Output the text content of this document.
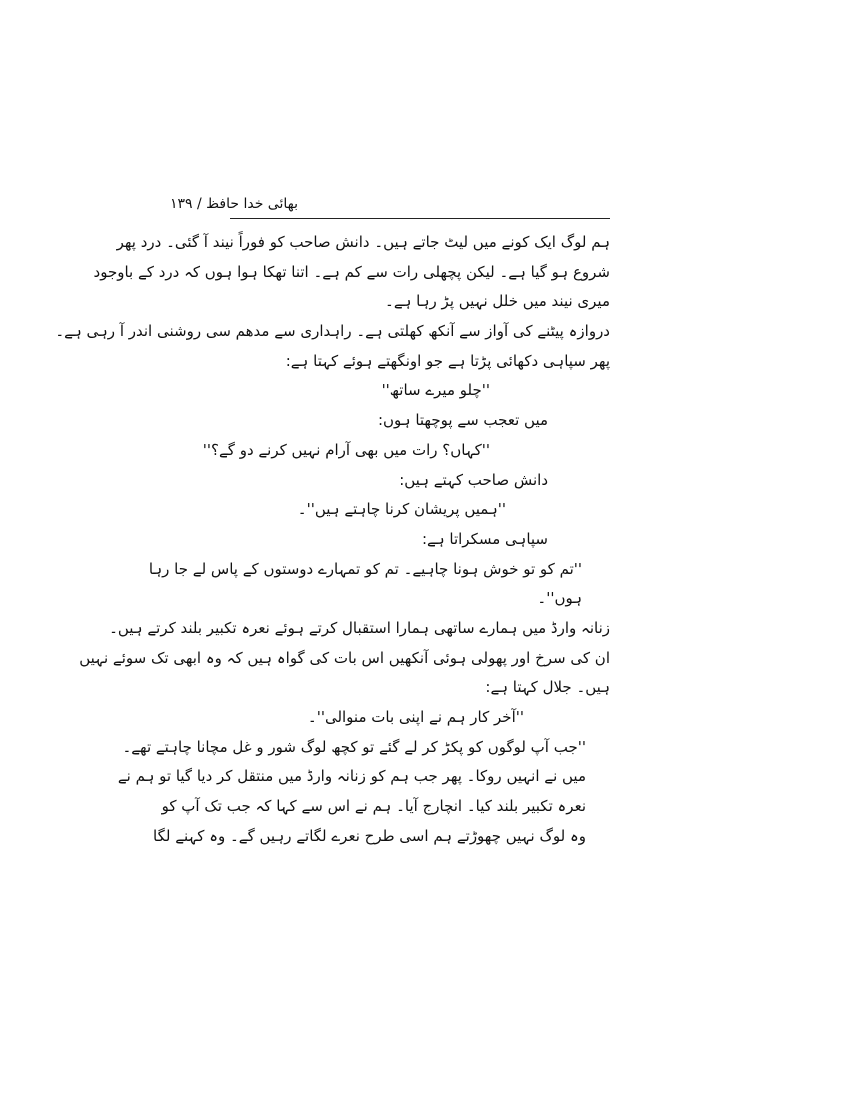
بھائی خدا حافظ / ۱۳۹
ہم لوگ ایک کونے میں لیٹ جاتے ہیں۔ دانش صاحب کو فوراً نیند آ گئی۔ درد پھر
شروع ہو گیا ہے۔ لیکن پچھلی رات سے کم ہے۔ اتنا تھکا ہوا ہوں کہ درد کے باوجود
میری نیند میں خلل نہیں پڑ رہا ہے۔
دروازہ پیٹنے کی آواز سے آنکھ کھلتی ہے۔ راہداری سے مدھم سی روشنی اندر آ رہی ہے۔
پھر سپاہی دکھائی پڑتا ہے جو اونگھتے ہوئے کہتا ہے:
''چلو میرے ساتھ''
میں تعجب سے پوچھتا ہوں:
''کہاں؟ رات میں بھی آرام نہیں کرنے دو گے؟''
دانش صاحب کہتے ہیں:
''ہمیں پریشان کرنا چاہتے ہیں''۔
سپاہی مسکراتا ہے:
''تم کو تو خوش ہونا چاہیے۔ تم کو تمہارے دوستوں کے پاس لے جا رہا
ہوں''۔
زنانہ وارڈ میں ہمارے ساتھی ہمارا استقبال کرتے ہوئے نعرہ تکبیر بلند کرتے ہیں۔
ان کی سرخ اور پھولی ہوئی آنکھیں اس بات کی گواہ ہیں کہ وہ ابھی تک سوئے نہیں
ہیں۔ جلال کہتا ہے:
''آخر کار ہم نے اپنی بات منوالی''۔
''جب آپ لوگوں کو پکڑ کر لے گئے تو کچھ لوگ شور و غل مچانا چاہتے تھے۔
میں نے انہیں روکا۔ پھر جب ہم کو زنانہ وارڈ میں منتقل کر دیا گیا تو ہم نے
نعرہ تکبیر بلند کیا۔ انچارج آیا۔ ہم نے اس سے کہا کہ جب تک آپ کو
وہ لوگ نہیں چھوڑتے ہم اسی طرح نعرے لگاتے رہیں گے۔ وہ کہنے لگا
